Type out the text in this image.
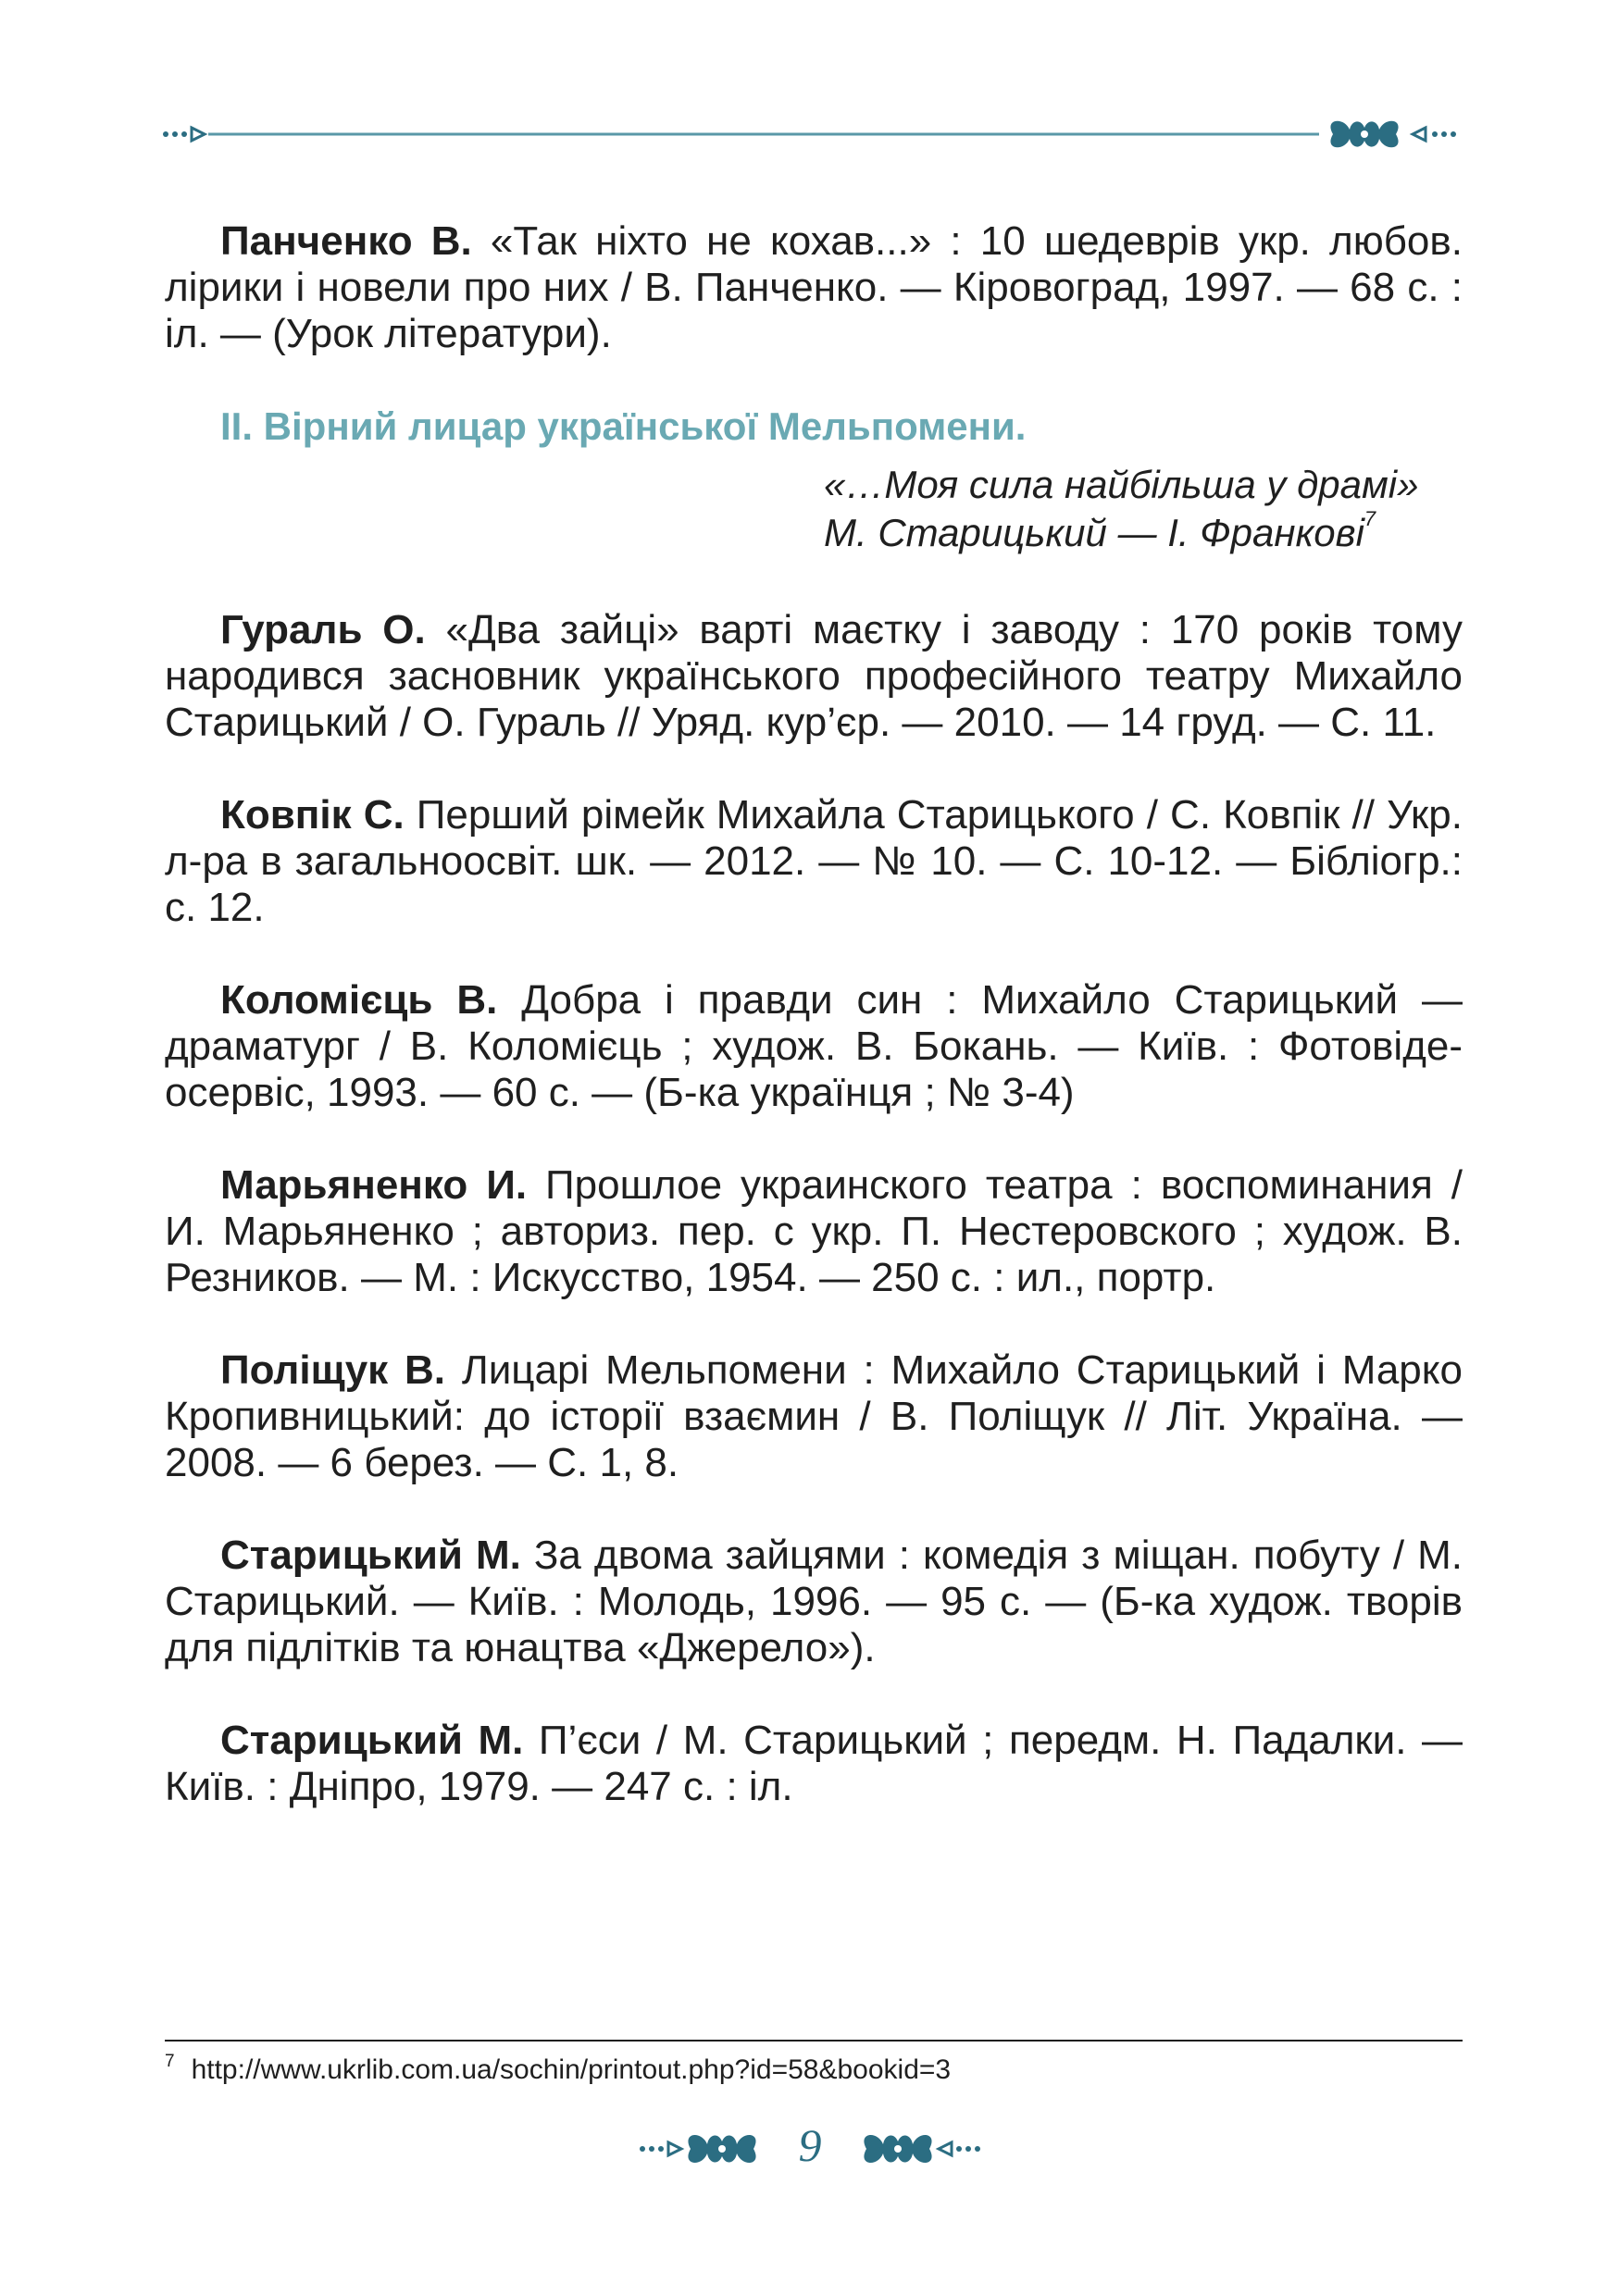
Панченко В. «Так ніхто не кохав...» : 10 шедеврів укр. любов. лірики і новели про них / В. Панченко. — Кіровоград, 1997. — 68 с. : іл. — (Урок літератури).

ІІ. Вірний лицар української Мельпомени.
«…Моя сила найбільша у драмі»
М. Старицький — І. Франкові$^7$

Гураль О. «Два зайці» варті маєтку і заводу : 170 років тому народився засновник українського професійного театру Михайло Старицький / О. Гураль // Уряд. кур’єр. — 2010. — 14 груд. — С. 11.

Ковпік С. Перший рімейк Михайла Старицького / С. Ковпік // Укр. л-ра в загальноосвіт. шк. — 2012. — № 10. — С. 10-12. — Бібліогр.: с. 12.

Коломієць В. Добра і правди син : Михайло Старицький — драматург / В. Коломієць ; худож. В. Бокань. — Київ. : Фотовідеосервіс, 1993. — 60 с. — (Б-ка українця ; № 3-4)

Марьяненко И. Прошлое украинского театра : воспоминания / И. Марьяненко ; авториз. пер. с укр. П. Нестеровского ; худож. В. Резников. — М. : Искусство, 1954. — 250 с. : ил., портр.

Поліщук В. Лицарі Мельпомени : Михайло Старицький і Марко Кропивницький: до історії взаємин / В. Поліщук // Літ. Україна. — 2008. — 6 берез. — С. 1, 8.

Старицький М. За двома зайцями : комедія з міщан. побуту / М. Старицький. — Київ. : Молодь, 1996. — 95 с. — (Б-ка худож. творів для підлітків та юнацтва «Джерело»).

Старицький М. П’єси / М. Старицький ; передм. Н. Падалки. — Київ. : Дніпро, 1979. — 247 с. : іл.

$^7$ http://www.ukrlib.com.ua/sochin/printout.php?id=58&bookid=3
9
